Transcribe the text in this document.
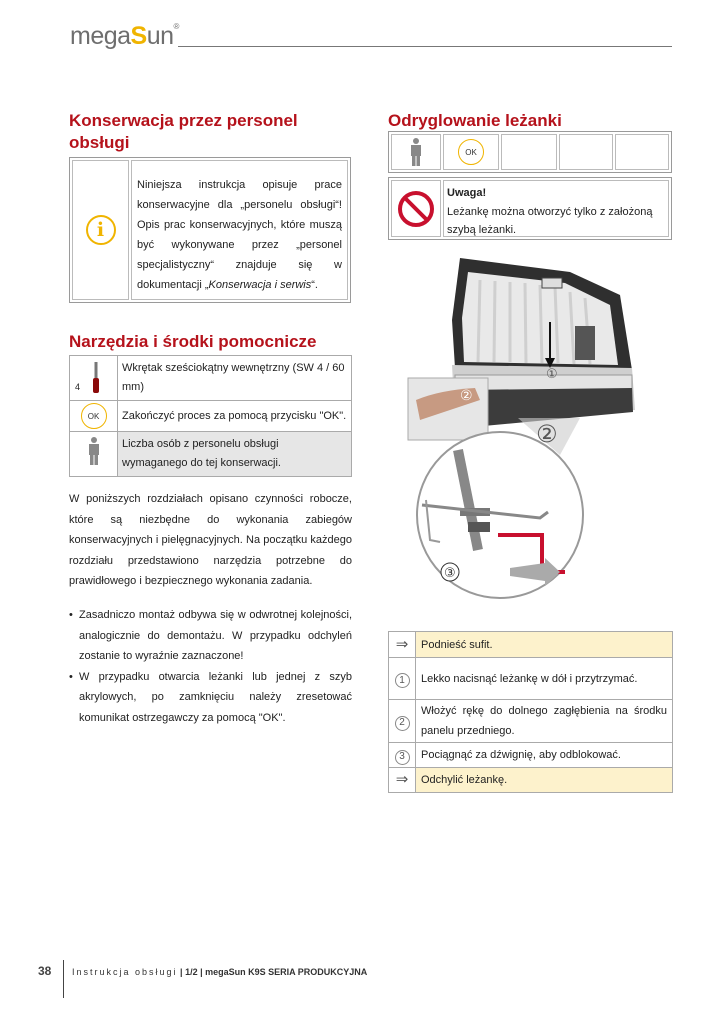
megaSun®
Konserwacja przez personel obsługi
i
Niniejsza instrukcja opisuje prace konserwacyjne dla „personelu obsługi“! Opis prac konserwacyjnych, które muszą być wykonywane przez „personel specjalistyczny“ znajduje się w dokumentacji „Konserwacja i serwis“.
Narzędzia i środki pomocnicze
4	Wkrętak sześciokątny wewnętrzny (SW 4 / 60 mm)
OK	Zakończyć proces za pomocą przycisku "OK".
	Liczba osób z personelu obsługi wymaganego do tej konserwacji.

W poniższych rozdziałach opisano czynności robocze, które są niezbędne do wykonania zabiegów konserwacyjnych i pielęgnacyjnych. Na początku każdego rozdziału przedstawiono narzędzia potrzebne do prawidłowego i bezpiecznego wykonania zadania.

• Zasadniczo montaż odbywa się w odwrotnej kolejności, analogicznie do demontażu. W przypadku odchyleń zostanie to wyraźnie zaznaczone!
• W przypadku otwarcia leżanki lub jednej z szyb akrylowych, po zamknięciu należy zresetować komunikat ostrzegawczy za pomocą "OK".
Odryglowanie leżanki
OK
Uwaga!
Leżankę można otworzyć tylko z założoną szybą leżanki.
①
②
②
③
⇒	Podnieść sufit.
1	Lekko nacisnąć leżankę w dół i przytrzymać.
2	Włożyć rękę do dolnego zagłębienia na środku panelu przedniego.
3	Pociągnąć za dźwignię, aby odblokować.
⇒	Odchylić leżankę.
38 Instrukcja obsługi | 1/2 | megaSun K9S SERIA PRODUKCYJNA
